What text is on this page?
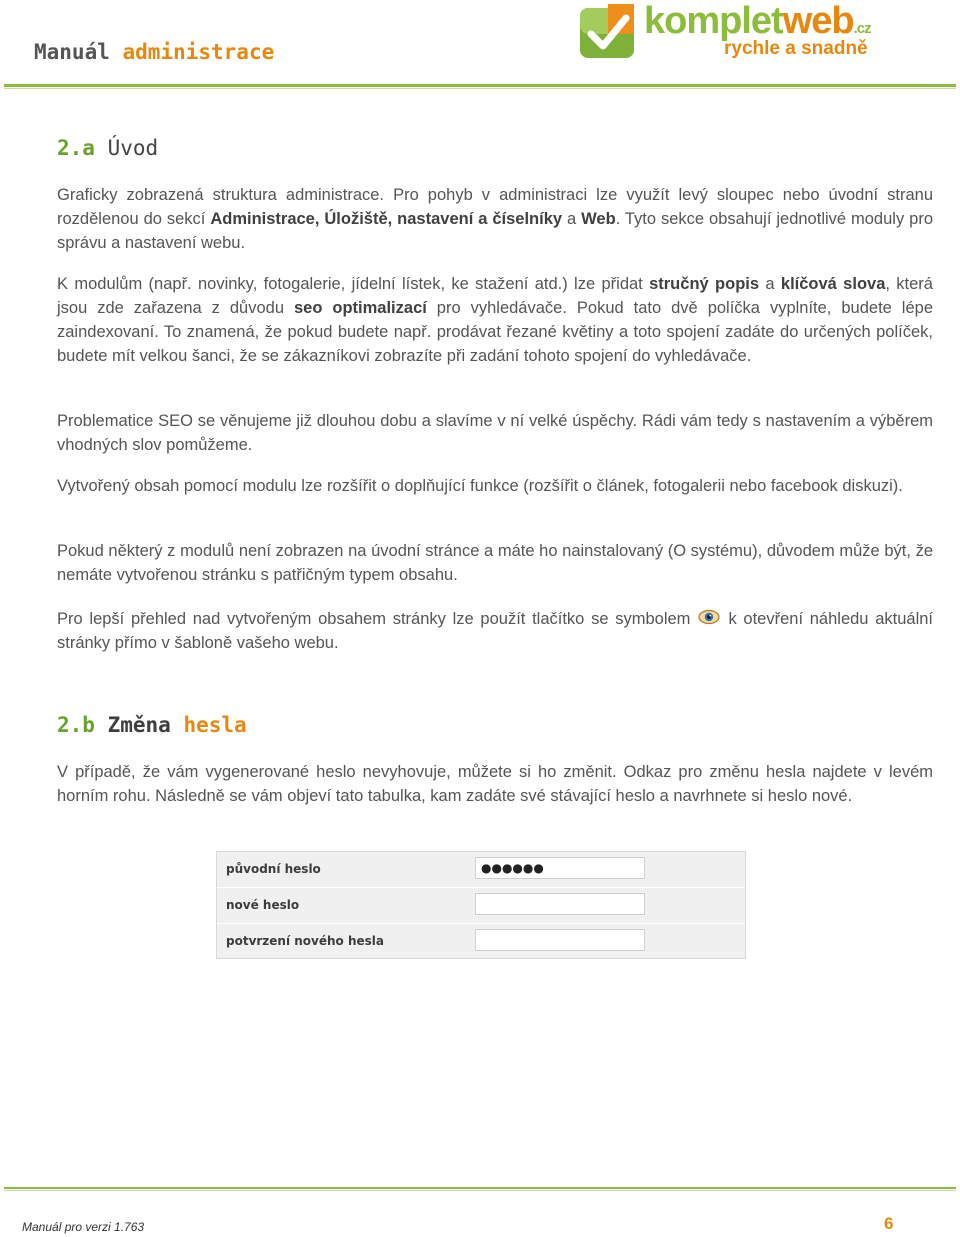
Manuál administrace
kompletweb.cz
rychle a snadně
2.a Úvod

Graficky zobrazená struktura administrace. Pro pohyb v administraci lze využít levý sloupec nebo úvodní stranu rozdělenou do sekcí Administrace, Úložiště, nastavení a číselníky a Web. Tyto sekce obsahují jednotlivé moduly pro správu a nastavení webu.

K modulům (např. novinky, fotogalerie, jídelní lístek, ke stažení atd.) lze přidat stručný popis a klíčová slova, která jsou zde zařazena z důvodu seo optimalizací pro vyhledávače. Pokud tato dvě políčka vyplníte, budete lépe zaindexovaní. To znamená, že pokud budete např. prodávat řezané květiny a toto spojení zadáte do určených políček, budete mít velkou šanci, že se zákazníkovi zobrazíte při zadání tohoto spojení do vyhledávače.

Problematice SEO se věnujeme již dlouhou dobu a slavíme v ní velké úspěchy. Rádi vám tedy s nastavením a výběrem vhodných slov pomůžeme.

Vytvořený obsah pomocí modulu lze rozšířit o doplňující funkce (rozšířit o článek, fotogalerii nebo facebook diskuzi).

Pokud některý z modulů není zobrazen na úvodní stránce a máte ho nainstalovaný (O systému), důvodem může být, že nemáte vytvořenou stránku s patřičným typem obsahu.

Pro lepší přehled nad vytvořeným obsahem stránky lze použít tlačítko se symbolem k otevření náhledu aktuální stránky přímo v šabloně vašeho webu.

2.b Změna hesla

V případě, že vám vygenerované heslo nevyhovuje, můžete si ho změnit. Odkaz pro změnu hesla najdete v levém horním rohu. Následně se vám objeví tato tabulka, kam zadáte své stávající heslo a navrhnete si heslo nové.

původní heslo
●●●●●●
nové heslo
potvrzení nového hesla
Manuál pro verzi 1.763	6
